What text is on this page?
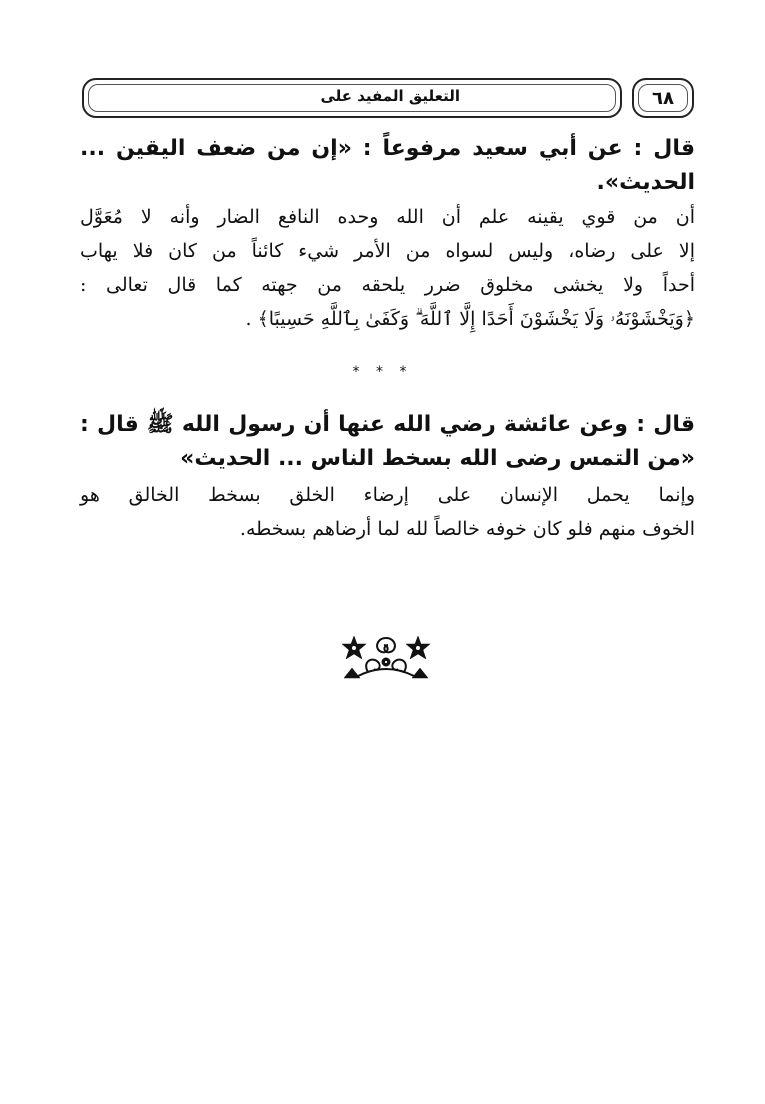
التعليق المفيد على	٦٨
قال : عن أبي سعيد مرفوعاً : «إن من ضعف اليقين ...
الحديث».
أن من قوي يقينه علم أن الله وحده النافع الضار وأنه لا مُعَوَّل
إلا على رضاه، وليس لسواه من الأمر شيء كائناً من كان فلا يهاب
أحداً ولا يخشى مخلوق ضرر يلحقه من جهته كما قال تعالى :
﴿وَيَخْشَوْنَهُۥ وَلَا يَخْشَوْنَ أَحَدًا إِلَّا ٱللَّهَ ۗ وَكَفَىٰ بِٱللَّهِ حَسِيبًا﴾ .
* * *
قال : وعن عائشة رضي الله عنها أن رسول الله ﷺ قال :
«من التمس رضى الله بسخط الناس ... الحديث»
وإنما يحمل الإنسان على إرضاء الخلق بسخط الخالق هو
الخوف منهم فلو كان خوفه خالصاً لله لما أرضاهم بسخطه.
